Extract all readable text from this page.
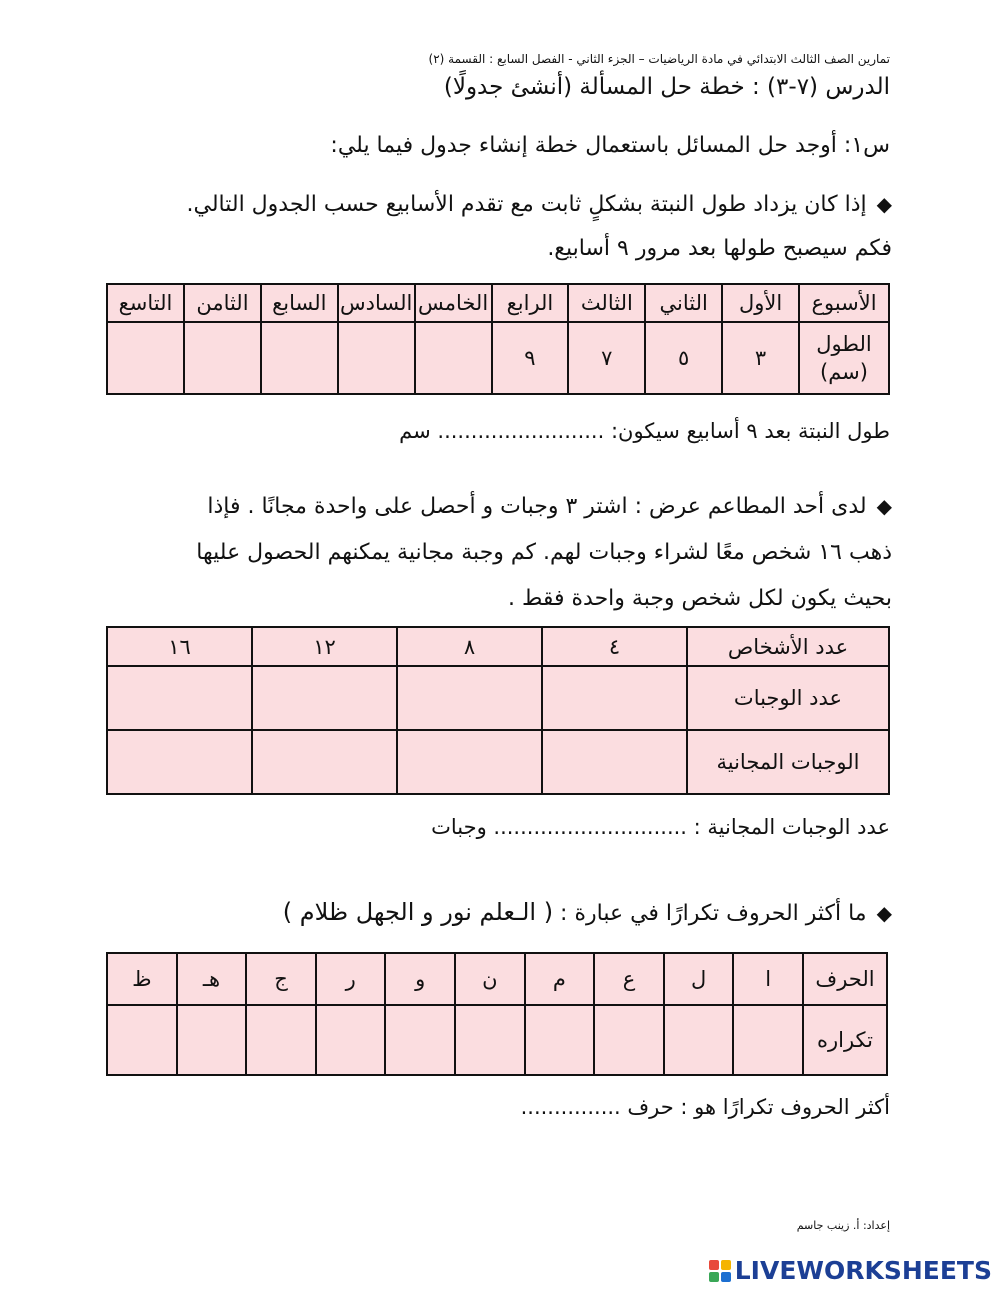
تمارين الصف الثالث الابتدائي في مادة الرياضيات – الجزء الثاني - الفصل السابع : القسمة (٢)
الدرس (٧-٣) : خطة حل المسألة (أنشئ جدولًا)
س١: أوجد حل المسائل باستعمال خطة إنشاء جدول فيما يلي:
◆إذا كان يزداد طول النبتة بشكلٍ ثابت مع تقدم الأسابيع حسب الجدول التالي.
فكم سيصبح طولها بعد مرور ٩ أسابيع.
الأسبوع	الأول	الثاني	الثالث	الرابع	الخامس	السادس	السابع	الثامن	التاسع
الطول (سم)	٣	٥	٧	٩					
طول النبتة بعد ٩ أسابيع سيكون: ......................... سم
◆لدى أحد المطاعم عرض : اشتر ٣ وجبات و أحصل على واحدة مجانًا . فإذا
ذهب ١٦ شخص معًا لشراء وجبات لهم. كم وجبة مجانية يمكنهم الحصول عليها
بحيث يكون لكل شخص وجبة واحدة فقط .
عدد الأشخاص	٤	٨	١٢	١٦
عدد الوجبات				
الوجبات المجانية				
عدد الوجبات المجانية : ............................. وجبات
◆ما أكثر الحروف تكرارًا في عبارة : ( الـعلم نور و الجهل ظلام )
الحرف	ا	ل	ع	م	ن	و	ر	ج	هـ	ظ
تكراره										
أكثر الحروف تكرارًا هو : حرف ...............
إعداد: أ. زينب جاسم
LIVEWORKSHEETS
